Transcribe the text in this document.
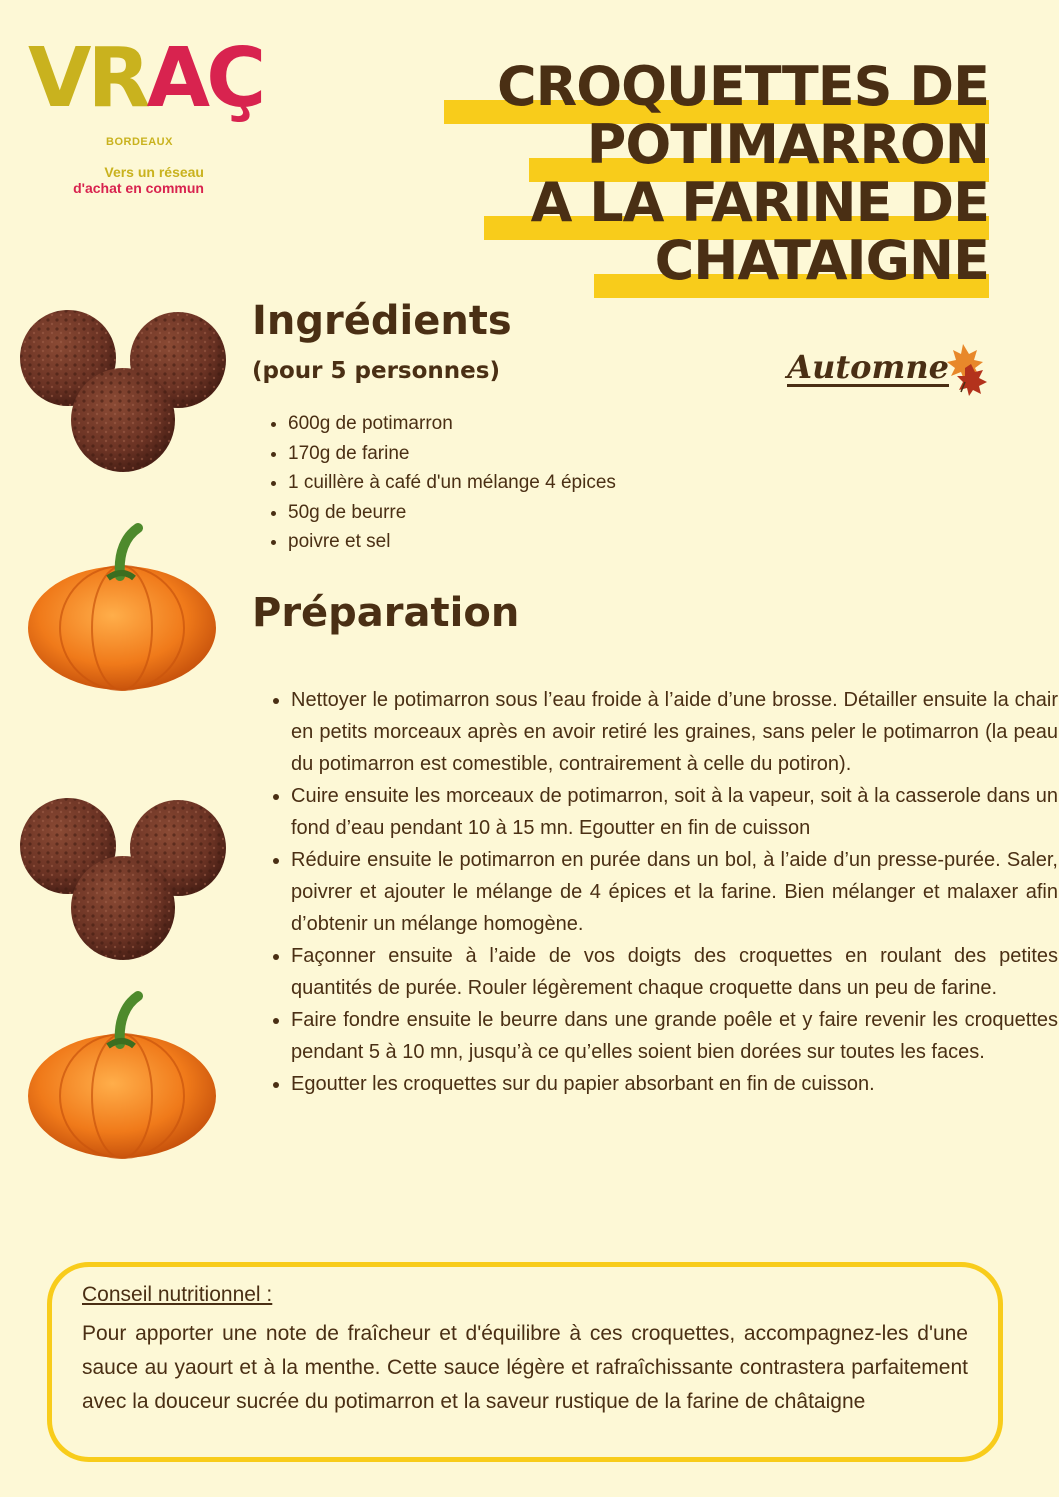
VRAÇ
BORDEAUX
Vers un réseau
d'achat en commun
CROQUETTES DE
POTIMARRON
A LA FARINE DE
CHATAIGNE
Automne
Ingrédients
(pour 5 personnes)
• 600g de potimarron
• 170g de farine
• 1 cuillère à café d'un mélange 4 épices
• 50g de beurre
• poivre et sel
Préparation
• Nettoyer le potimarron sous l’eau froide à l’aide d’une brosse. Détailler ensuite la chair en petits morceaux après en avoir retiré les graines, sans peler le potimarron (la peau du potimarron est comestible, contrairement à celle du potiron).
• Cuire ensuite les morceaux de potimarron, soit à la vapeur, soit à la casserole dans un fond d’eau pendant 10 à 15 mn. Egoutter en fin de cuisson
• Réduire ensuite le potimarron en purée dans un bol, à l’aide d’un presse-purée. Saler, poivrer et ajouter le mélange de 4 épices et la farine. Bien mélanger et malaxer afin d’obtenir un mélange homogène.
• Façonner ensuite à l’aide de vos doigts des croquettes en roulant des petites quantités de purée. Rouler légèrement chaque croquette dans un peu de farine.
• Faire fondre ensuite le beurre dans une grande poêle et y faire revenir les croquettes pendant 5 à 10 mn, jusqu’à ce qu’elles soient bien dorées sur toutes les faces.
• Egoutter les croquettes sur du papier absorbant en fin de cuisson.
Conseil nutritionnel :
Pour apporter une note de fraîcheur et d'équilibre à ces croquettes, accompagnez-les d'une sauce au yaourt et à la menthe. Cette sauce légère et rafraîchissante contrastera parfaitement avec la douceur sucrée du potimarron et la saveur rustique de la farine de châtaigne
